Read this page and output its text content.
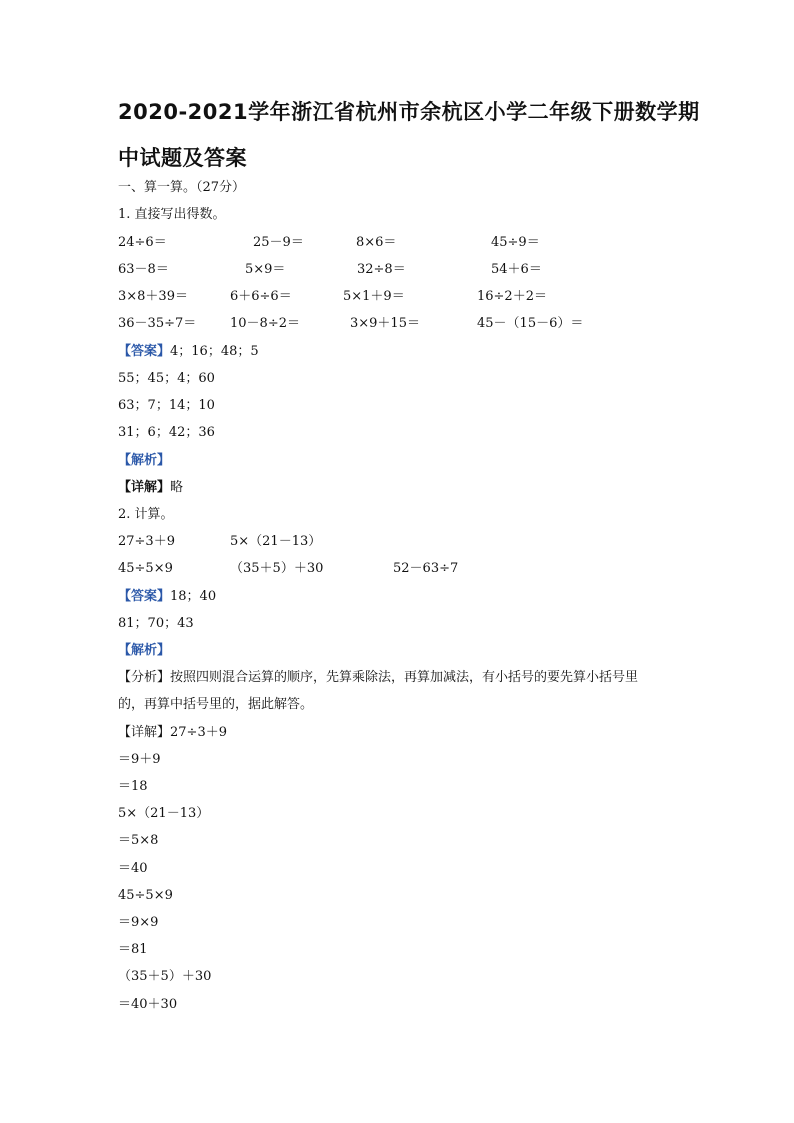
2020-2021学年浙江省杭州市余杭区小学二年级下册数学期
中试题及答案
一、算一算。（27分）
1. 直接写出得数。
24÷6＝	25－9＝	8×6＝	45÷9＝
63－8＝	5×9＝	32÷8＝	54＋6＝
3×8＋39＝	6＋6÷6＝	5×1＋9＝	16÷2＋2＝
36－35÷7＝	10－8÷2＝	3×9＋15＝	45－（15－6）＝
【答案】4；16；48；5
55；45；4；60
63；7；14；10
31；6；42；36
【解析】
【详解】略
2. 计算。
27÷3＋9	5×（21－13）
45÷5×9	（35＋5）＋30	52－63÷7
【答案】18；40
81；70；43
【解析】
【分析】按照四则混合运算的顺序，先算乘除法，再算加减法，有小括号的要先算小括号里
的，再算中括号里的，据此解答。
【详解】27÷3＋9
＝9＋9
＝18
5×（21－13）
＝5×8
＝40
45÷5×9
＝9×9
＝81
（35＋5）＋30
＝40＋30
